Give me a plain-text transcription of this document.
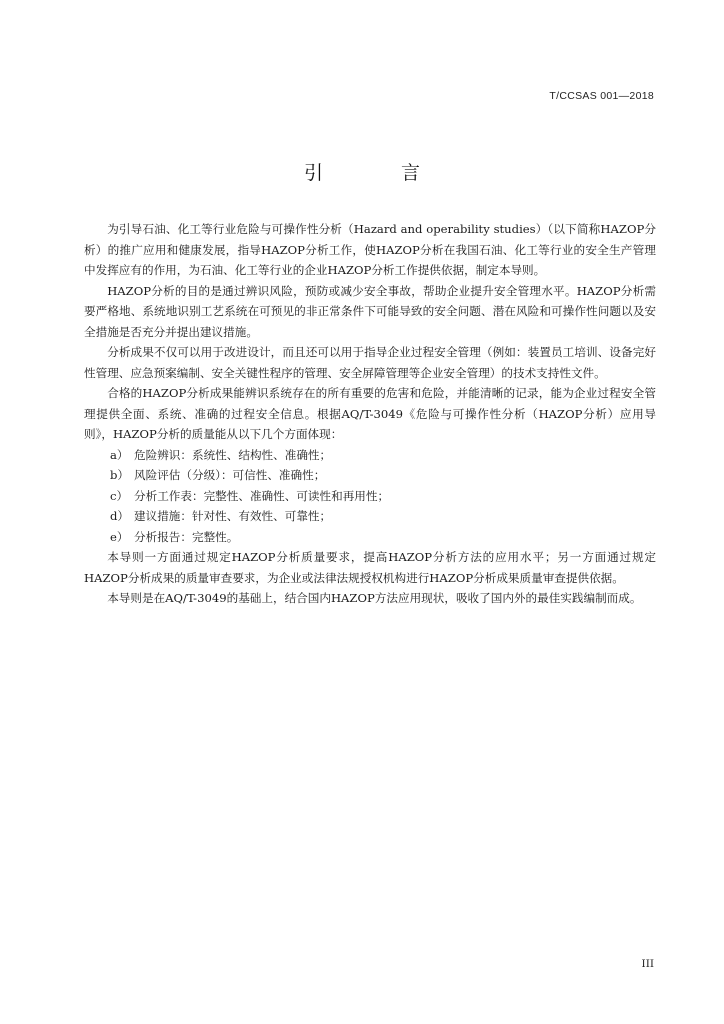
T/CCSAS 001—2018
引 言

为引导石油、化工等行业危险与可操作性分析（Hazard and operability studies）（以下简称HAZOP分析）的推广应用和健康发展，指导HAZOP分析工作，使HAZOP分析在我国石油、化工等行业的安全生产管理中发挥应有的作用，为石油、化工等行业的企业HAZOP分析工作提供依据，制定本导则。

HAZOP分析的目的是通过辨识风险，预防或减少安全事故，帮助企业提升安全管理水平。HAZOP分析需要严格地、系统地识别工艺系统在可预见的非正常条件下可能导致的安全问题、潜在风险和可操作性问题以及安全措施是否充分并提出建议措施。

分析成果不仅可以用于改进设计，而且还可以用于指导企业过程安全管理（例如：装置员工培训、设备完好性管理、应急预案编制、安全关键性程序的管理、安全屏障管理等企业安全管理）的技术支持性文件。

合格的HAZOP分析成果能辨识系统存在的所有重要的危害和危险，并能清晰的记录，能为企业过程安全管理提供全面、系统、准确的过程安全信息。根据AQ/T-3049《危险与可操作性分析（HAZOP分析）应用导则》，HAZOP分析的质量能从以下几个方面体现：

a） 危险辨识：系统性、结构性、准确性；
b） 风险评估（分级）：可信性、准确性；
c） 分析工作表：完整性、准确性、可读性和再用性；
d） 建议措施：针对性、有效性、可靠性；
e） 分析报告：完整性。

本导则一方面通过规定HAZOP分析质量要求，提高HAZOP分析方法的应用水平；另一方面通过规定HAZOP分析成果的质量审查要求，为企业或法律法规授权机构进行HAZOP分析成果质量审查提供依据。

本导则是在AQ/T-3049的基础上，结合国内HAZOP方法应用现状，吸收了国内外的最佳实践编制而成。

III
